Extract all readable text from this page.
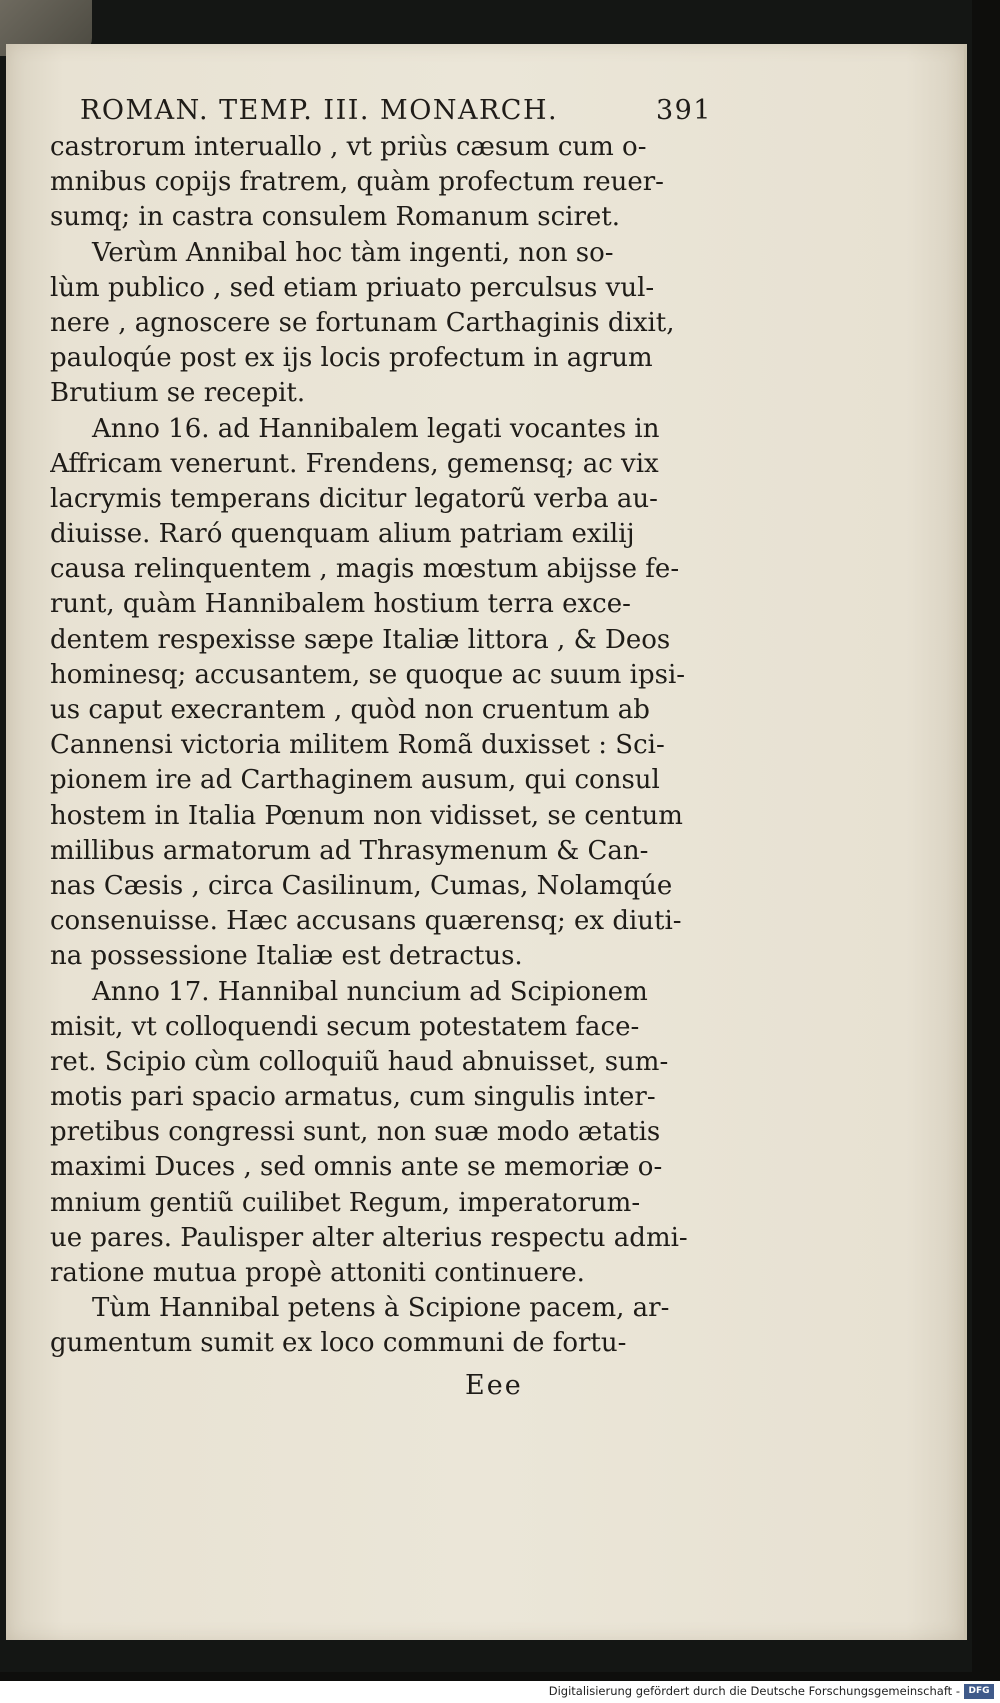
ROMAN. TEMP. III. MONARCH.	391
castrorum interuallo , vt priùs cæsum cum o-
mnibus copijs fratrem, quàm profectum reuer-
sumq; in castra consulem Romanum sciret.
Verùm Annibal hoc tàm ingenti, non so-
lùm publico , sed etiam priuato perculsus vul-
nere , agnoscere se fortunam Carthaginis dixit,
pauloqúe post ex ijs locis profectum in agrum
Brutium se recepit.
Anno 16. ad Hannibalem legati vocantes in
Affricam venerunt. Frendens, gemensq; ac vix
lacrymis temperans dicitur legatorũ verba au-
diuisse. Raró quenquam alium patriam exilij
causa relinquentem , magis mœstum abijsse fe-
runt, quàm Hannibalem hostium terra exce-
dentem respexisse sæpe Italiæ littora , & Deos
hominesq; accusantem, se quoque ac suum ipsi-
us caput execrantem , quòd non cruentum ab
Cannensi victoria militem Romã duxisset : Sci-
pionem ire ad Carthaginem ausum, qui consul
hostem in Italia Pœnum non vidisset, se centum
millibus armatorum ad Thrasymenum & Can-
nas Cæsis , circa Casilinum, Cumas, Nolamqúe
consenuisse. Hæc accusans quærensq; ex diuti-
na possessione Italiæ est detractus.
Anno 17. Hannibal nuncium ad Scipionem
misit, vt colloquendi secum potestatem face-
ret. Scipio cùm colloquiũ haud abnuisset, sum-
motis pari spacio armatus, cum singulis inter-
pretibus congressi sunt, non suæ modo ætatis
maximi Duces , sed omnis ante se memoriæ o-
mnium gentiũ cuilibet Regum, imperatorum-
ue pares. Paulisper alter alterius respectu admi-
ratione mutua propè attoniti continuere.
Tùm Hannibal petens à Scipione pacem, ar-
gumentum sumit ex loco communi de fortu-
Eee
Digitalisierung gefördert durch die Deutsche Forschungsgemeinschaft - DFG
